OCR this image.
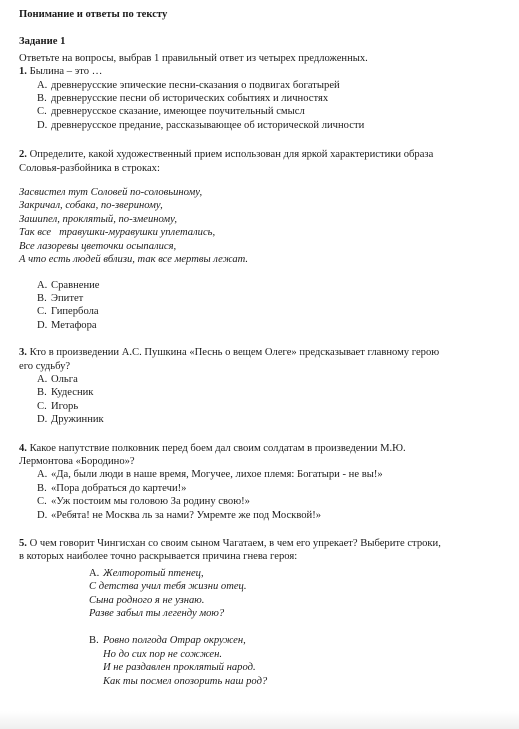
Понимание и ответы по тексту
Задание 1
Ответьте на вопросы, выбрав 1 правильный ответ из четырех предложенных.
1. Былина – это …
A. древнерусские эпические песни-сказания о подвигах богатырей
B. древнерусские песни об исторических событиях и личностях
C. древнерусское сказание, имеющее поучительный смысл
D. древнерусское предание, рассказывающее об исторической личности
2. Определите, какой художественный прием использован для яркой характеристики образа
Соловья-разбойника в строках:
Засвистел тут Соловей по-соловьиному,
Закричал, собака, по-звериному,
Зашипел, проклятый, по-змеиному,
Так все   травушки-муравушки уплетались,
Все лазоревы цветочки осыпалися,
А что есть людей вблизи, так все мертвы лежат.
A. Сравнение
B. Эпитет
C. Гипербола
D. Метафора
3. Кто в произведении А.С. Пушкина «Песнь о вещем Олеге» предсказывает главному герою
его судьбу?
A. Ольга
B. Кудесник
C. Игорь
D. Дружинник
4. Какое напутствие полковник перед боем дал своим солдатам в произведении М.Ю.
Лермонтова «Бородино»?
A. «Да, были люди в наше время, Могучее, лихое племя: Богатыри - не вы!»
B. «Пора добраться до картечи!»
C. «Уж постоим мы головою За родину свою!»
D. «Ребята! не Москва ль за нами? Умремте же под Москвой!»
5. О чем говорит Чингисхан со своим сыном Чагатаем, в чем его упрекает? Выберите строки,
в которых наиболее точно раскрывается причина гнева героя:
A. Желторотый птенец,
С детства учил тебя жизни отец.
Сына родного я не узнаю.
Разве забыл ты легенду мою?
B. Ровно полгода Отрар окружен,
Но до сих пор не сожжен.
И не раздавлен проклятый народ.
Как ты посмел опозорить наш род?
